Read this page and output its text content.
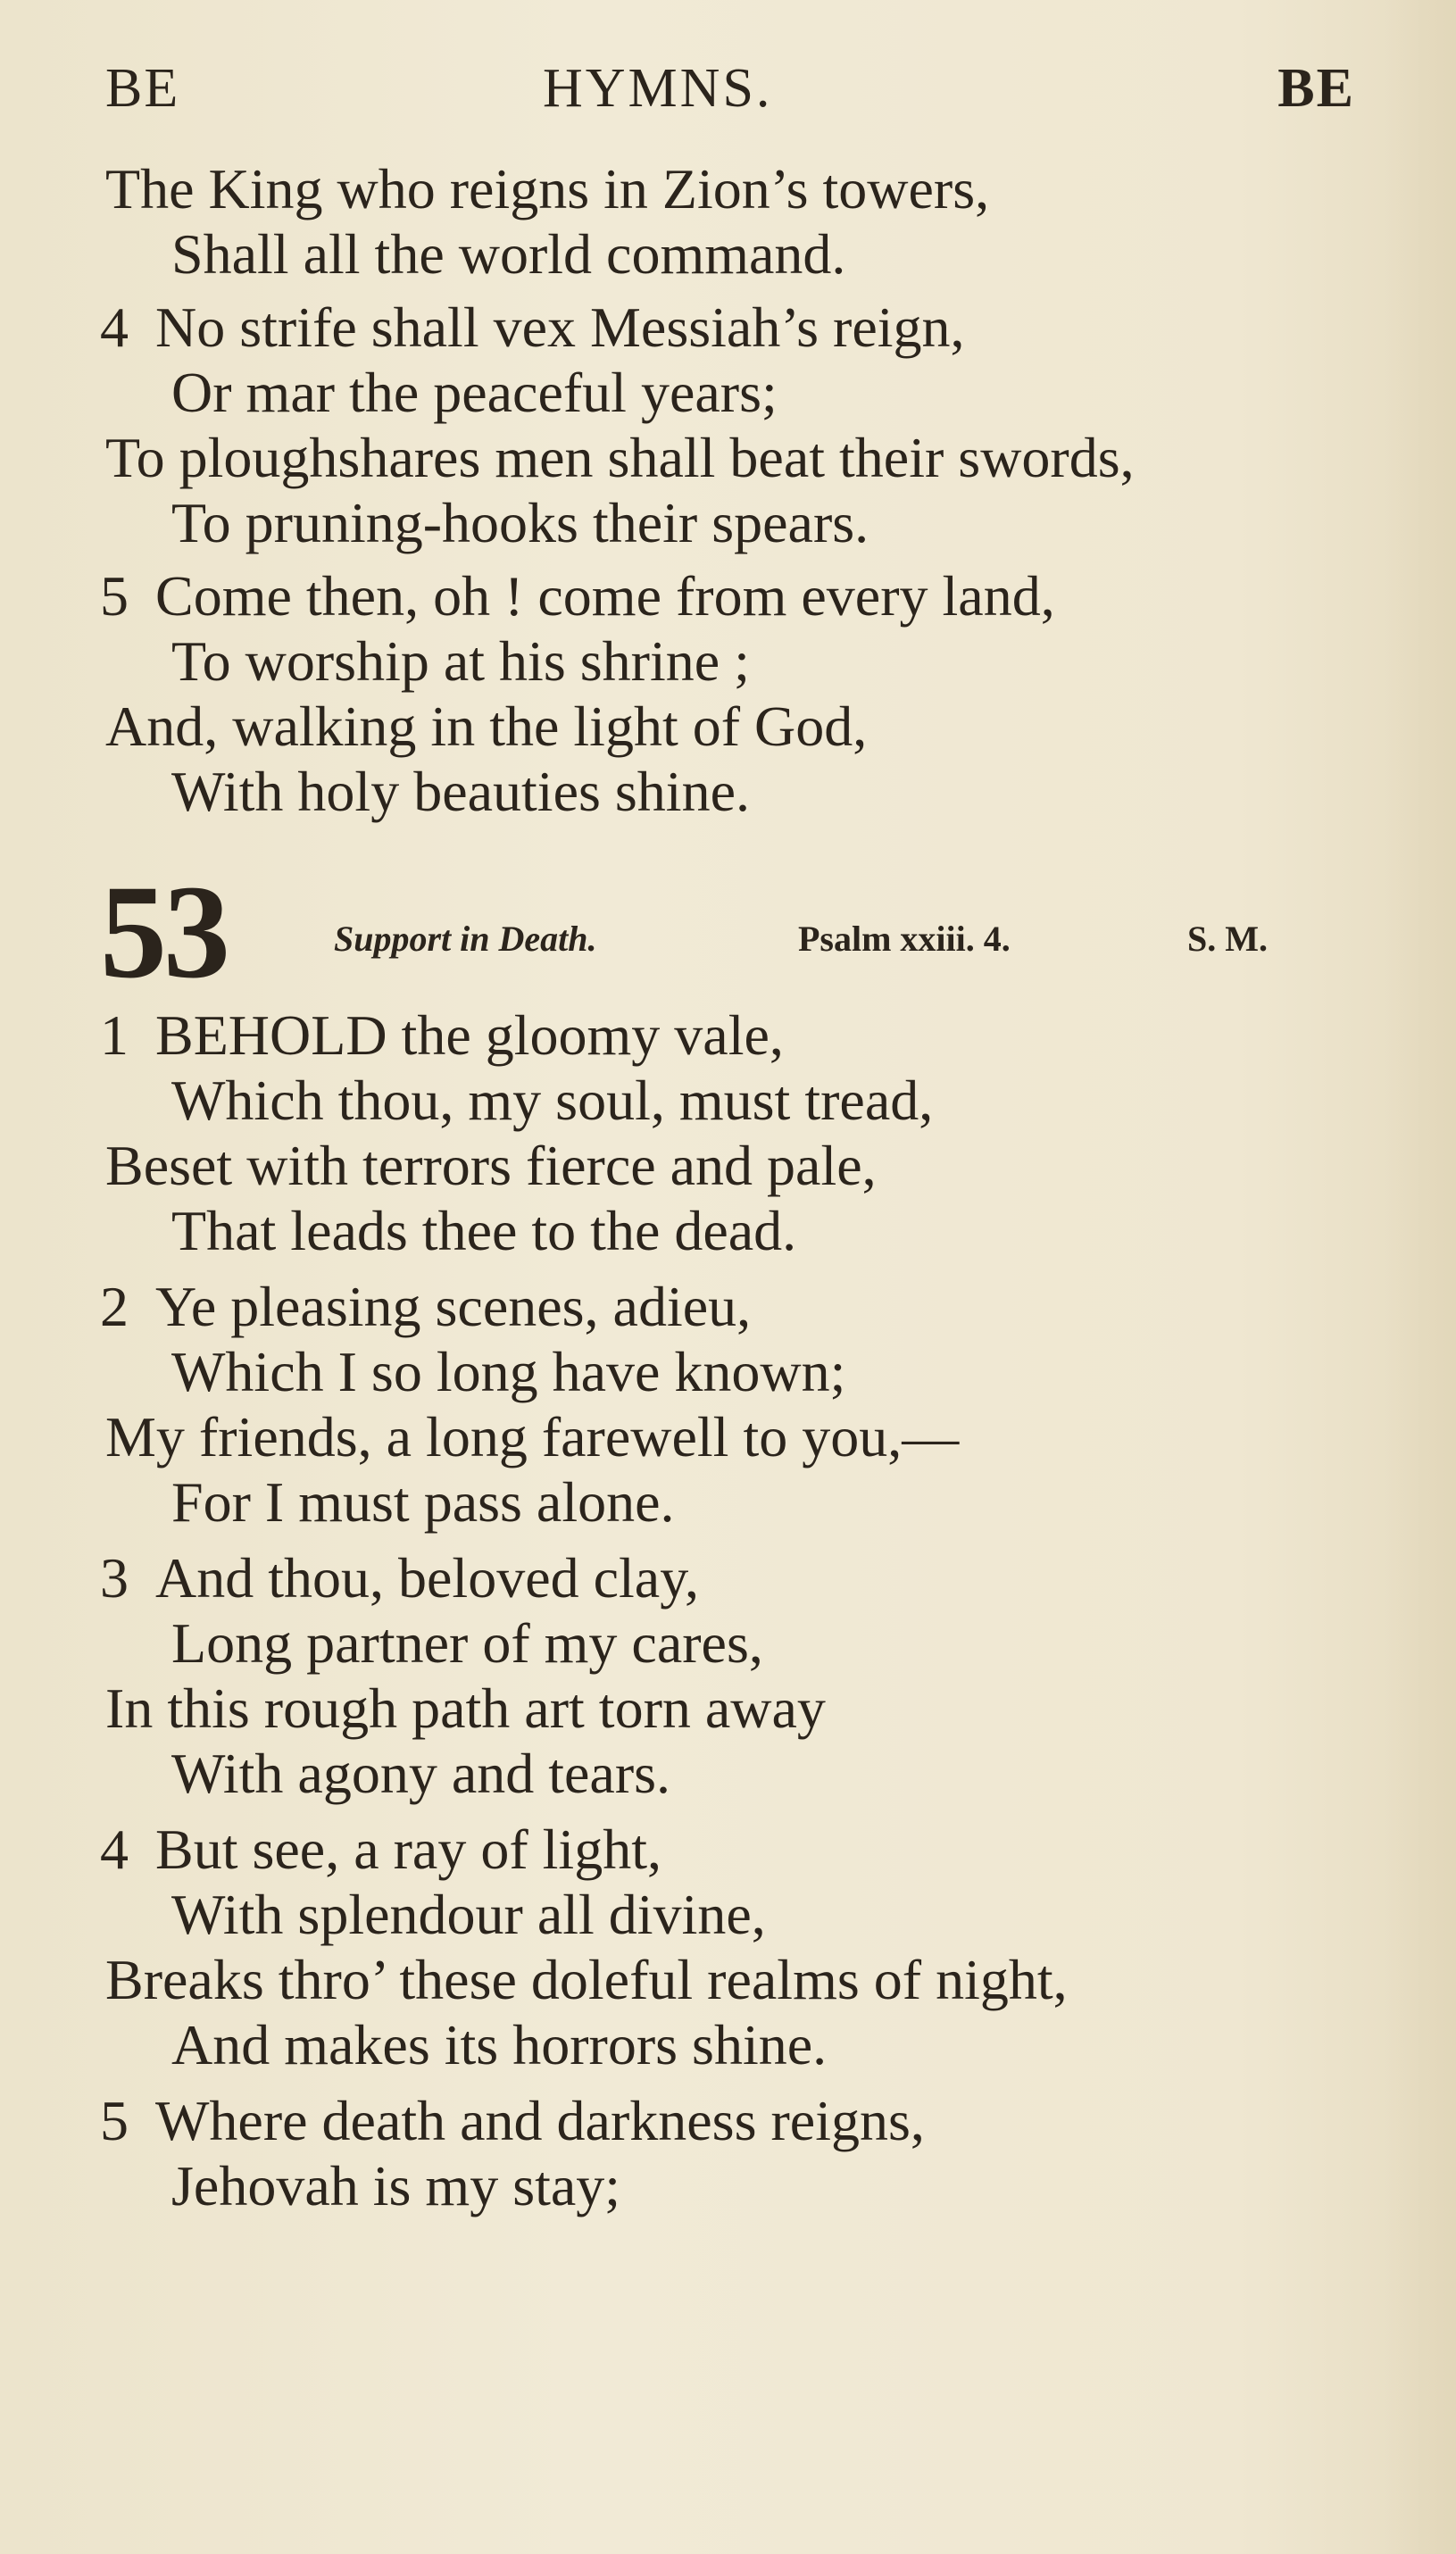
BE	HYMNS.	BE
The King who reigns in Zion’s towers,
Shall all the world command.
4 No strife shall vex Messiah’s reign,
Or mar the peaceful years;
To ploughshares men shall beat their swords,
To pruning-hooks their spears.
5 Come then, oh ! come from every land,
To worship at his shrine ;
And, walking in the light of God,
With holy beauties shine.
53	Support in Death.	Psalm xxiii. 4.	S. M.
1 BEHOLD the gloomy vale,
Which thou, my soul, must tread,
Beset with terrors fierce and pale,
That leads thee to the dead.
2 Ye pleasing scenes, adieu,
Which I so long have known;
My friends, a long farewell to you,—
For I must pass alone.
3 And thou, beloved clay,
Long partner of my cares,
In this rough path art torn away
With agony and tears.
4 But see, a ray of light,
With splendour all divine,
Breaks thro’ these doleful realms of night,
And makes its horrors shine.
5 Where death and darkness reigns,
Jehovah is my stay;
